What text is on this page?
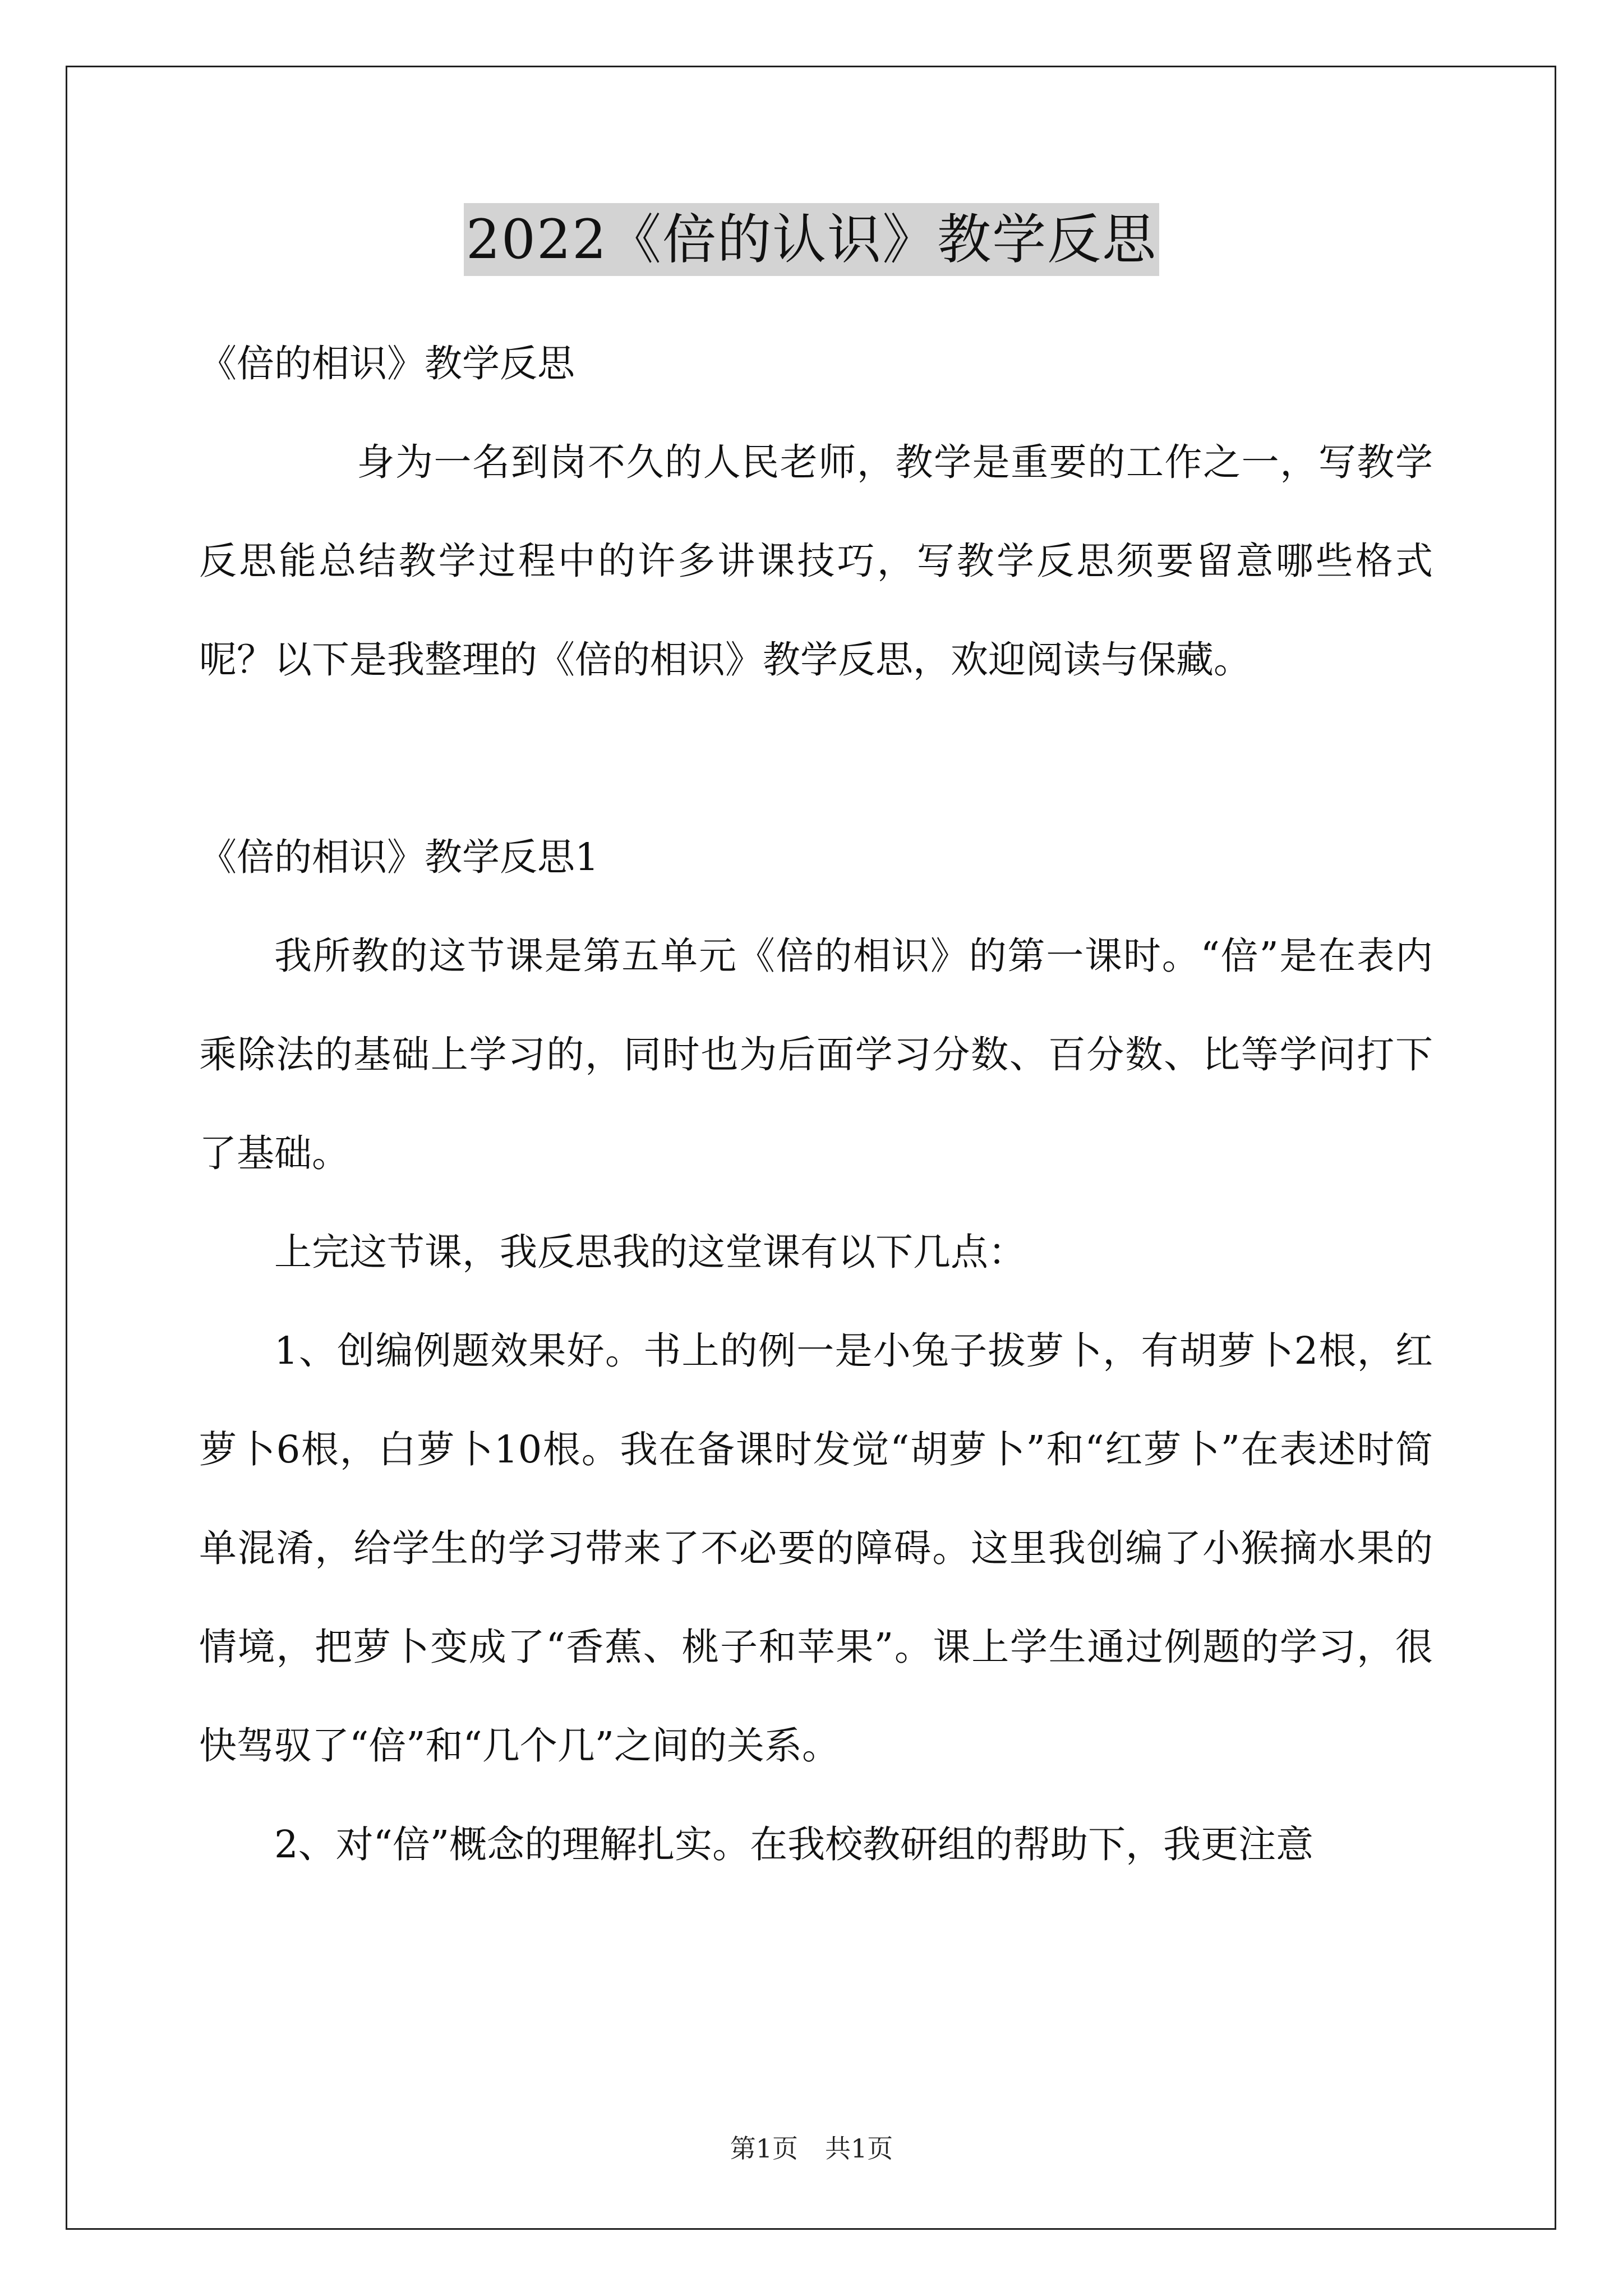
2022《倍的认识》教学反思

《倍的相识》教学反思

身为一名到岗不久的人民老师，教学是重要的工作之一，写教学反思能总结教学过程中的许多讲课技巧，写教学反思须要留意哪些格式呢？以下是我整理的《倍的相识》教学反思，欢迎阅读与保藏。

《倍的相识》教学反思1

我所教的这节课是第五单元《倍的相识》的第一课时。“倍”是在表内乘除法的基础上学习的，同时也为后面学习分数、百分数、比等学问打下了基础。

上完这节课，我反思我的这堂课有以下几点：

1、创编例题效果好。书上的例一是小兔子拔萝卜，有胡萝卜2根，红萝卜6根，白萝卜10根。我在备课时发觉“胡萝卜”和“红萝卜”在表述时简单混淆，给学生的学习带来了不必要的障碍。这里我创编了小猴摘水果的情境，把萝卜变成了“香蕉、桃子和苹果”。课上学生通过例题的学习，很快驾驭了“倍”和“几个几”之间的关系。

2、对“倍”概念的理解扎实。在我校教研组的帮助下，我更注意

第1页 共1页
